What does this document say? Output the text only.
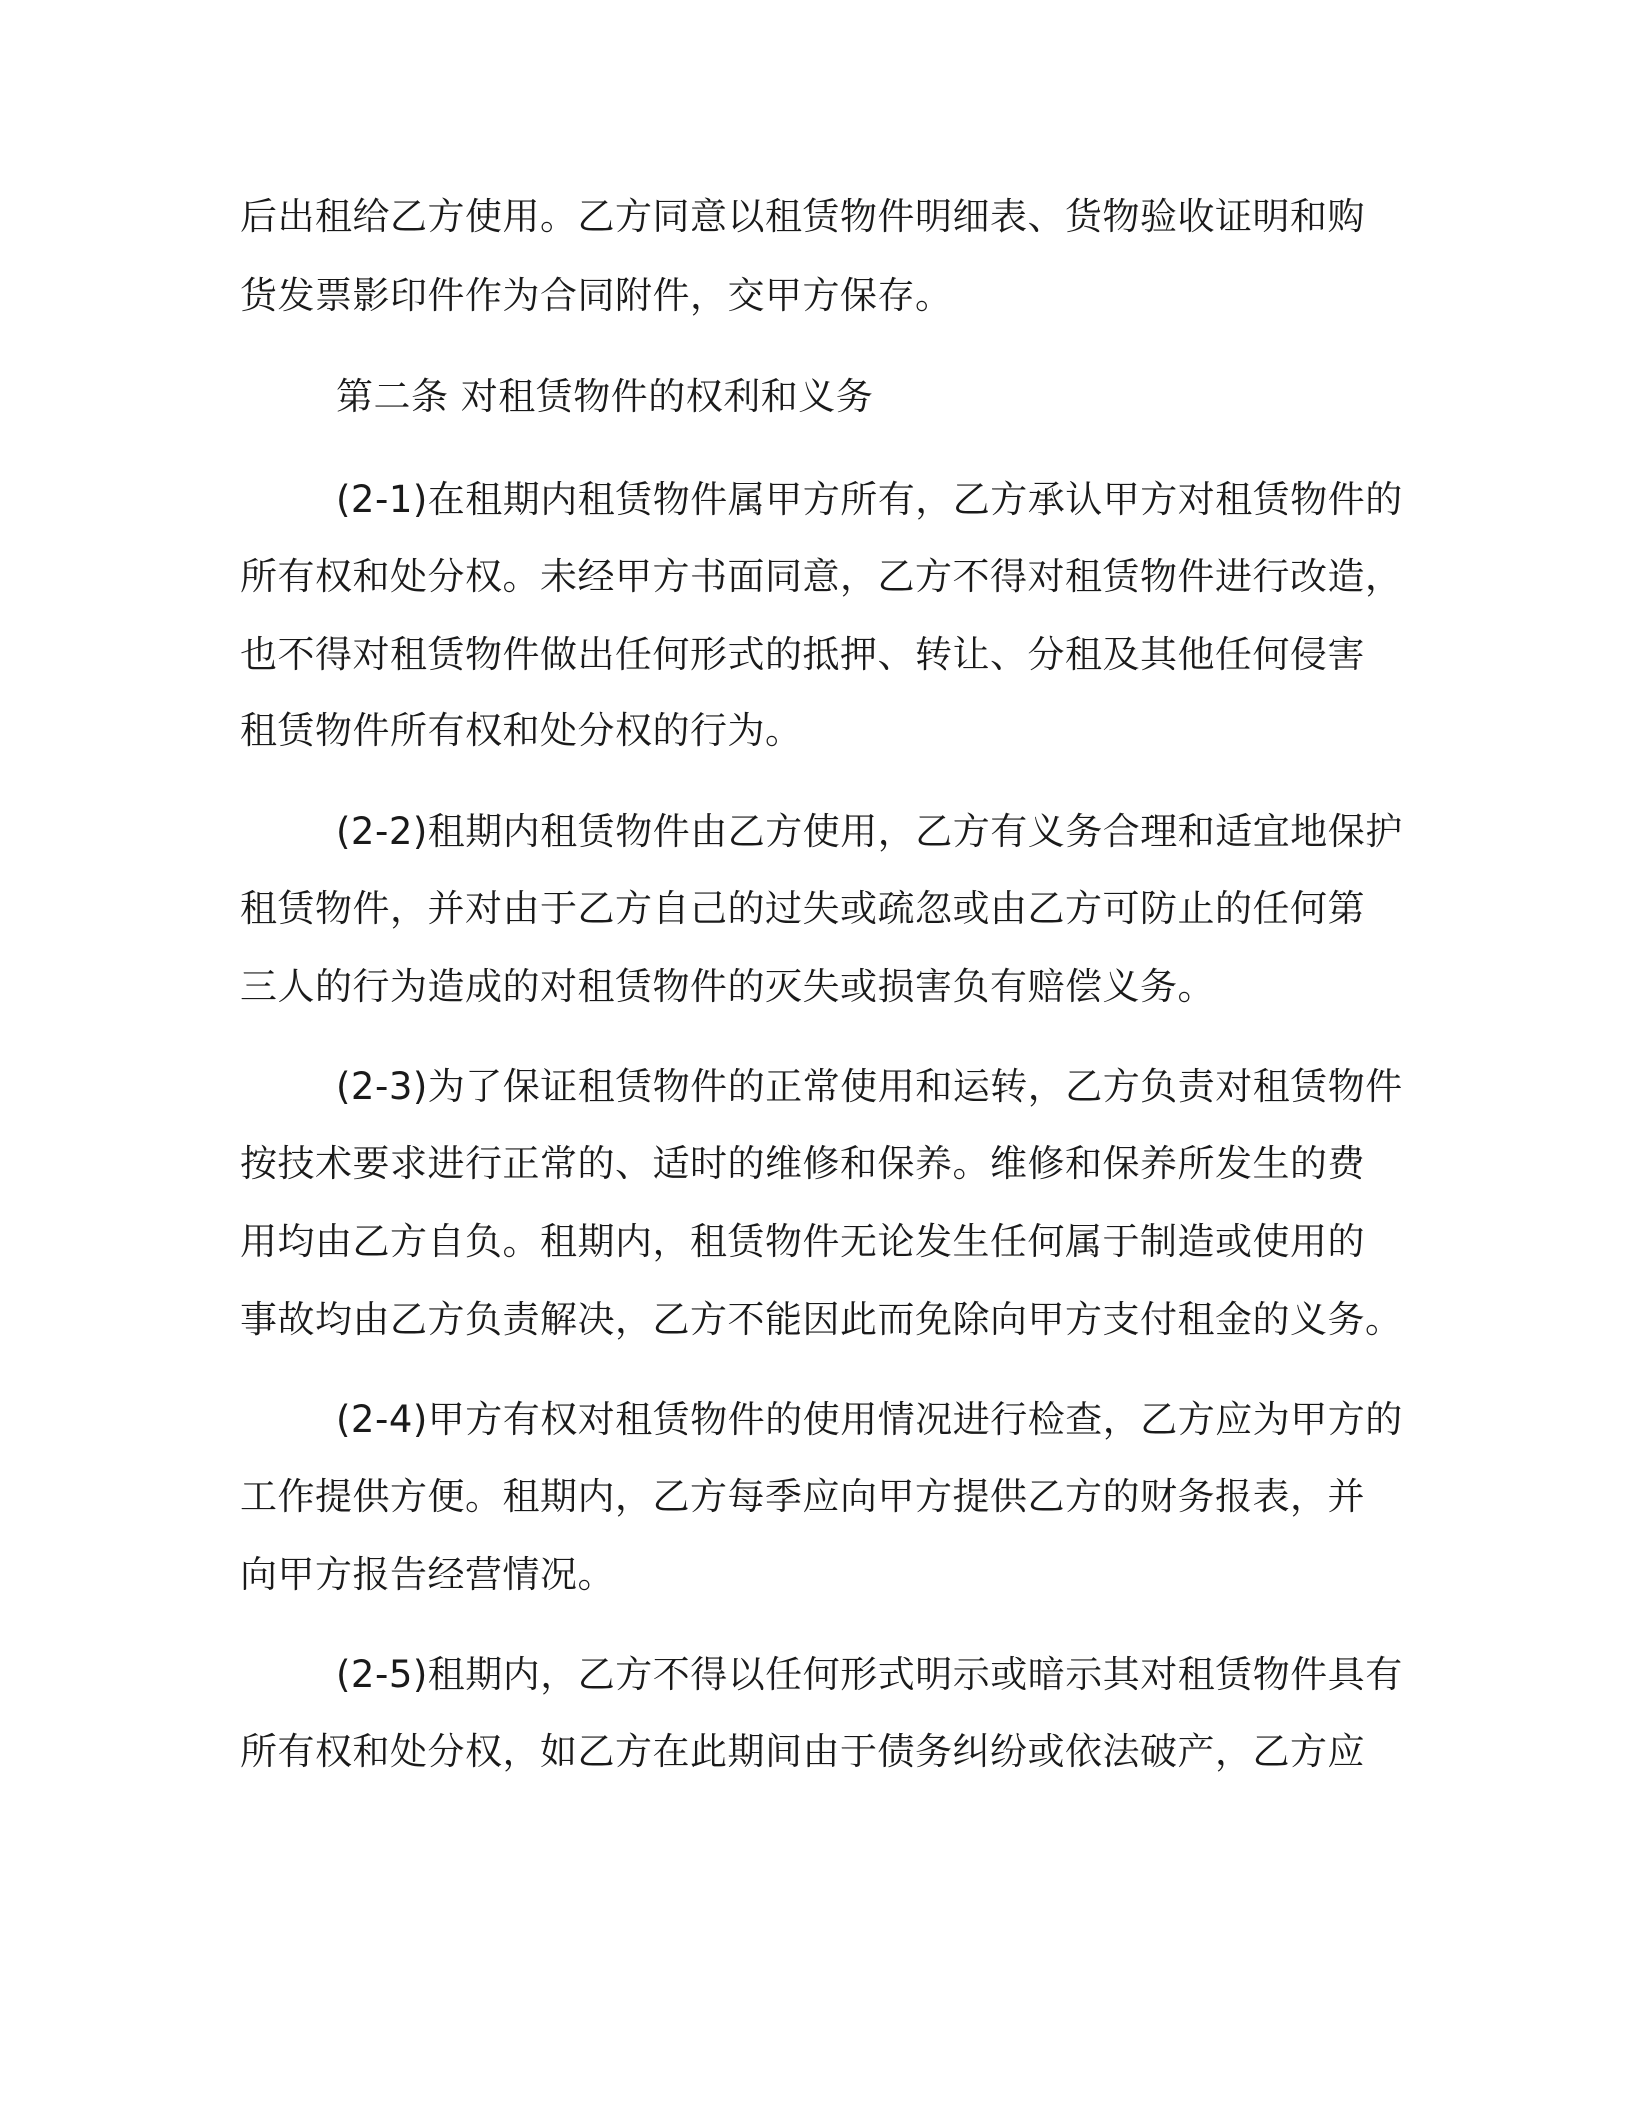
后出租给乙方使用。乙方同意以租赁物件明细表、货物验收证明和购
货发票影印件作为合同附件，交甲方保存。
第二条 对租赁物件的权利和义务
(2-1)在租期内租赁物件属甲方所有，乙方承认甲方对租赁物件的
所有权和处分权。未经甲方书面同意，乙方不得对租赁物件进行改造，
也不得对租赁物件做出任何形式的抵押、转让、分租及其他任何侵害
租赁物件所有权和处分权的行为。
(2-2)租期内租赁物件由乙方使用，乙方有义务合理和适宜地保护
租赁物件，并对由于乙方自己的过失或疏忽或由乙方可防止的任何第
三人的行为造成的对租赁物件的灭失或损害负有赔偿义务。
(2-3)为了保证租赁物件的正常使用和运转，乙方负责对租赁物件
按技术要求进行正常的、适时的维修和保养。维修和保养所发生的费
用均由乙方自负。租期内，租赁物件无论发生任何属于制造或使用的
事故均由乙方负责解决，乙方不能因此而免除向甲方支付租金的义务。
(2-4)甲方有权对租赁物件的使用情况进行检查，乙方应为甲方的
工作提供方便。租期内，乙方每季应向甲方提供乙方的财务报表，并
向甲方报告经营情况。
(2-5)租期内，乙方不得以任何形式明示或暗示其对租赁物件具有
所有权和处分权，如乙方在此期间由于债务纠纷或依法破产，乙方应
